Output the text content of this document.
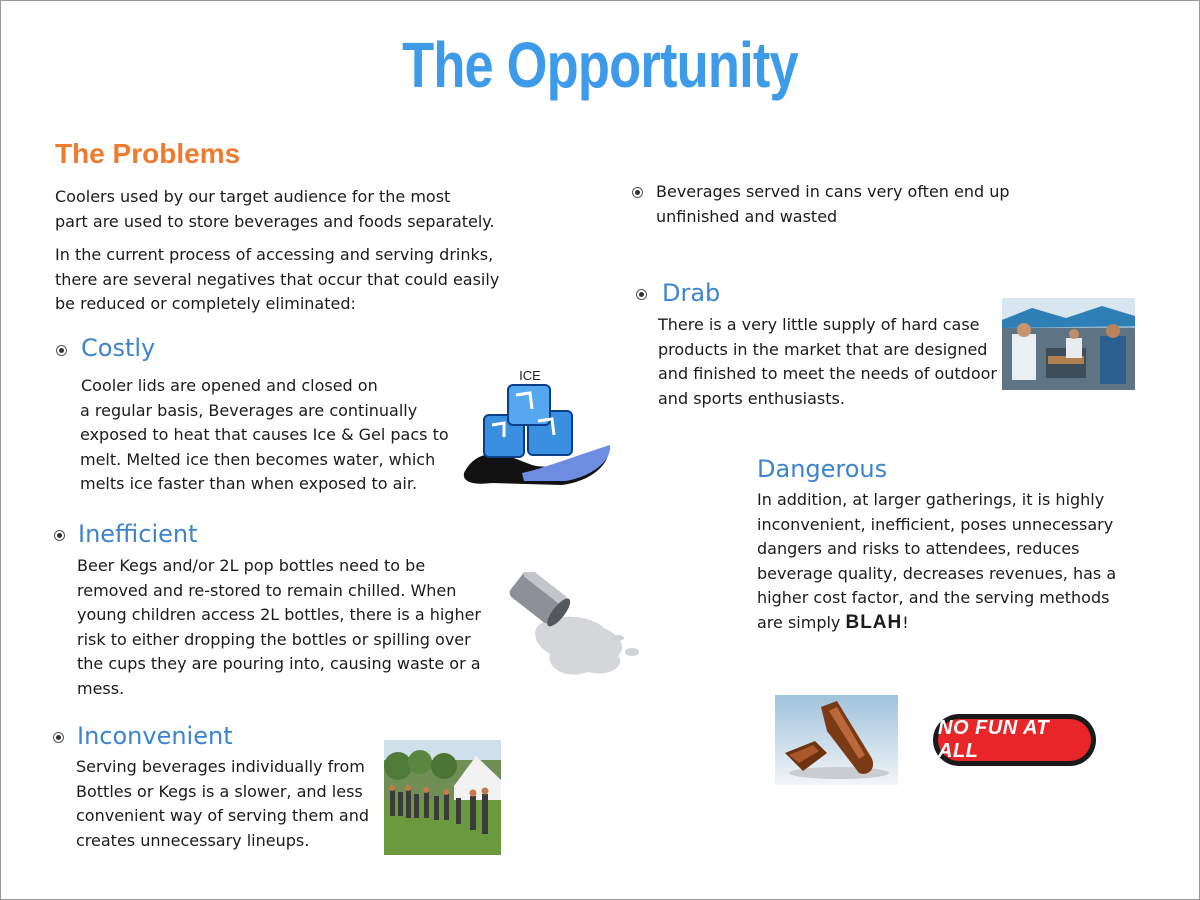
The Opportunity
The Problems
Coolers used by our target audience for the most
part are used to store beverages and foods separately.
In the current process of accessing and serving drinks,
there are several negatives that occur that could easily
be reduced or completely eliminated:
Costly
Cooler lids are opened and closed on
a regular basis, Beverages are continually
exposed to heat that causes Ice & Gel pacs to
melt. Melted ice then becomes water, which
melts ice faster than when exposed to air.
ICE
Inefficient
Beer Kegs and/or 2L pop bottles need to be
removed and re-stored to remain chilled. When
young children access 2L bottles, there is a higher
risk to either dropping the bottles or spilling over
the cups they are pouring into, causing waste or a
mess.
Inconvenient
Serving beverages individually from
Bottles or Kegs is a slower, and less
convenient way of serving them and
creates unnecessary lineups.
Beverages served in cans very often end up
unfinished and wasted
Drab
There is a very little supply of hard case
products in the market that are designed
and finished to meet the needs of outdoor
and sports enthusiasts.
Dangerous
In addition, at larger gatherings, it is highly
inconvenient, inefficient, poses unnecessary
dangers and risks to attendees, reduces
beverage quality, decreases revenues, has a
higher cost factor, and the serving methods
are simply BLAH!
NO FUN AT ALL
